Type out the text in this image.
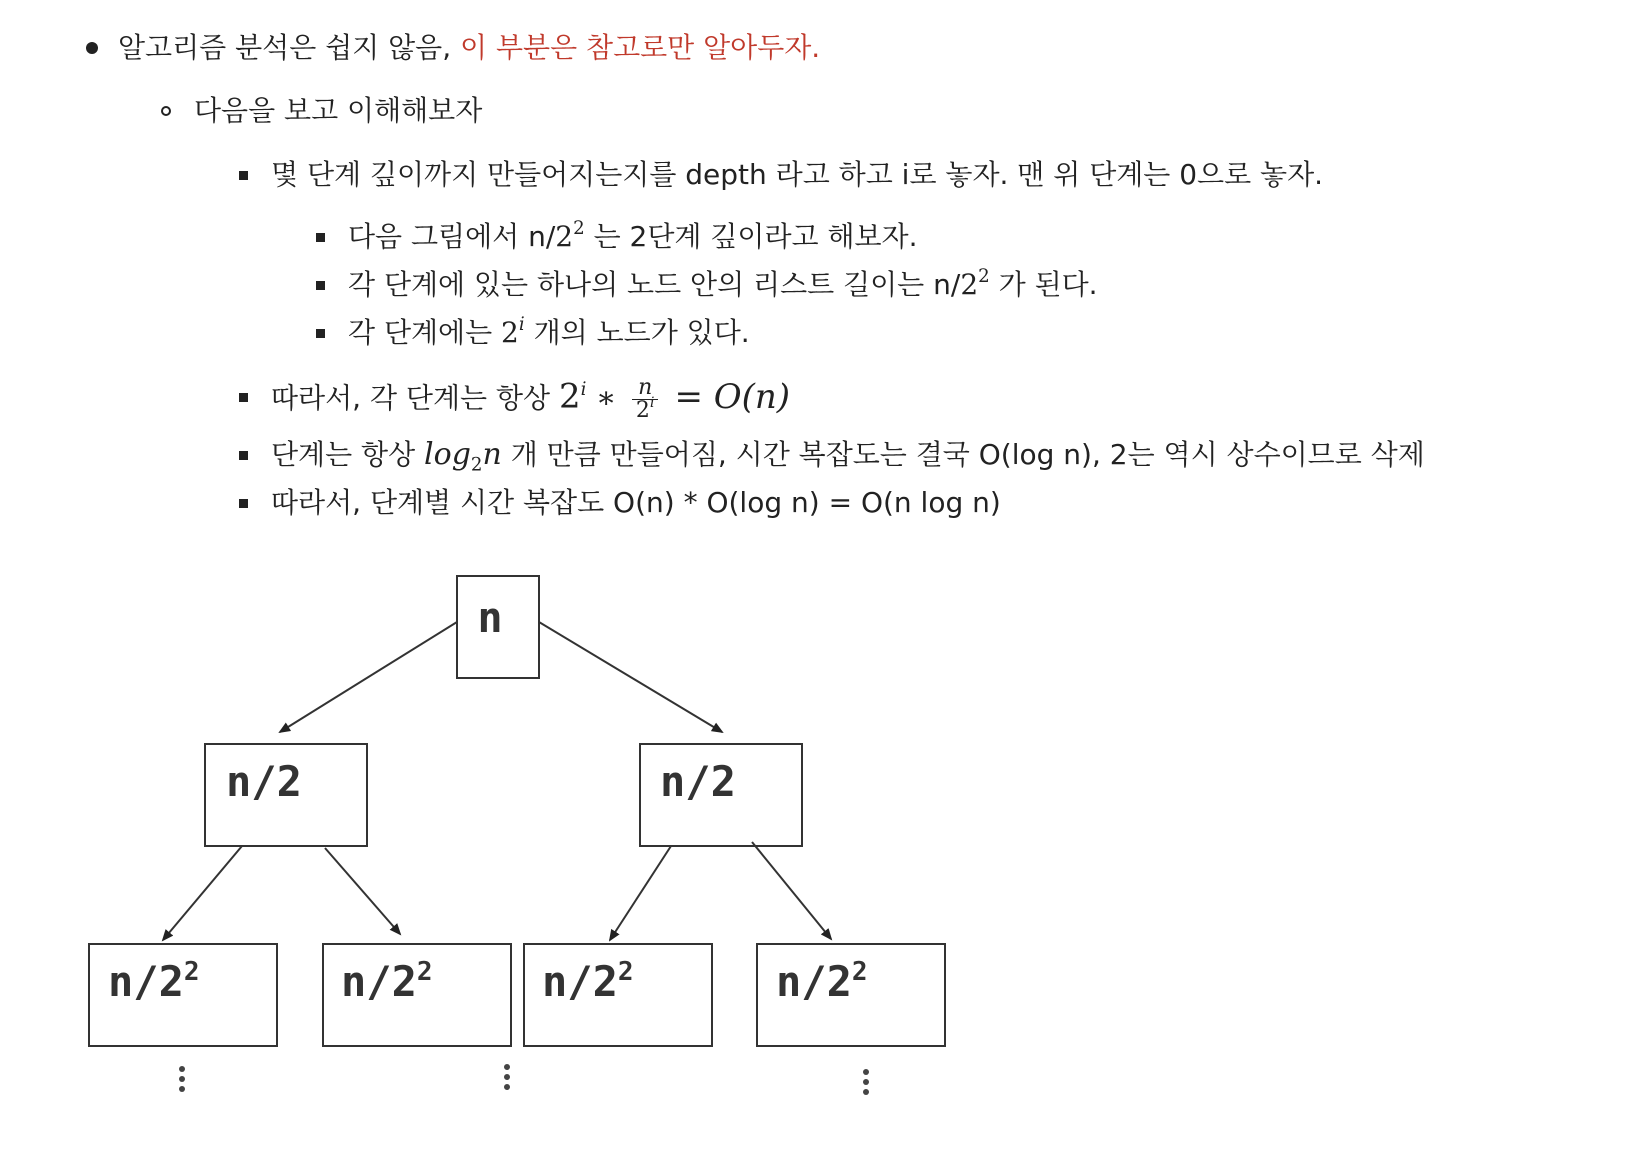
알고리즘 분석은 쉽지 않음, 이 부분은 참고로만 알아두자.
다음을 보고 이해해보자
몇 단계 깊이까지 만들어지는지를 depth 라고 하고 i로 놓자. 맨 위 단계는 0으로 놓자.
다음 그림에서 $n/2^2$ 는 2단계 깊이라고 해보자.
각 단계에 있는 하나의 노드 안의 리스트 길이는 $n/2^2$ 가 된다.
각 단계에는 2$^i$ 개의 노드가 있다.
따라서, 각 단계는 항상 2$^i$ ∗ $\frac{n}{2^i} = O(n)$
단계는 항상 $\log_2n$ 개 만큼 만들어짐, 시간 복잡도는 결국 O(log n), 2는 역시 상수이므로 삭제
따라서, 단계별 시간 복잡도 O(n) * O(log n) = O(n log n)
n
n/2	n/2
$n/2^2$	$n/2^2$	$n/2^2$	$n/2^2$
